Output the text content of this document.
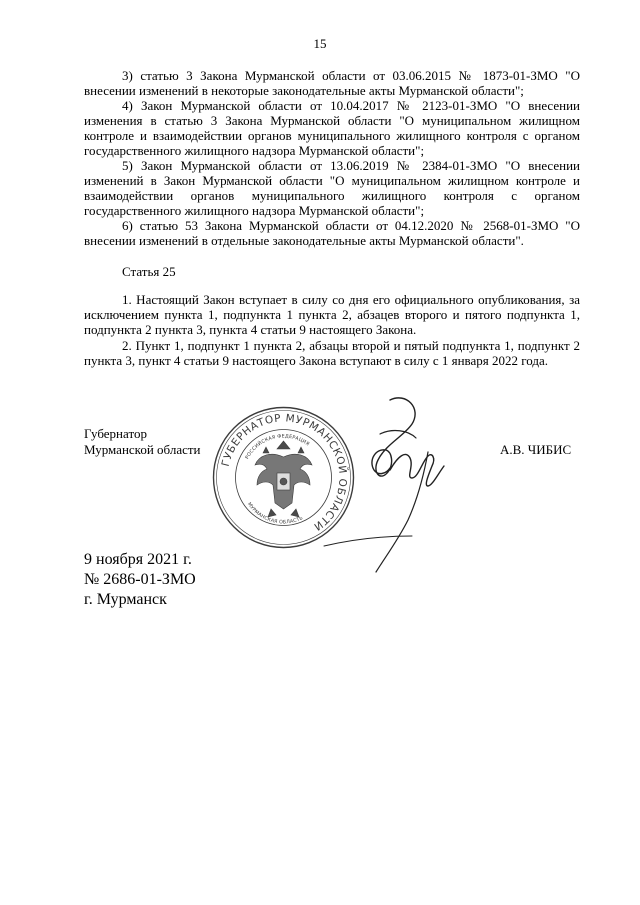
15

3) статью 3 Закона Мурманской области от 03.06.2015 № 1873-01-ЗМО "О внесении изменений в некоторые законодательные акты Мурманской области";

4) Закон Мурманской области от 10.04.2017 № 2123-01-ЗМО "О внесении изменения в статью 3 Закона Мурманской области "О муниципальном жилищном контроле и взаимодействии органов муниципального жилищного контроля с органом государственного жилищного надзора Мурманской области";

5) Закон Мурманской области от 13.06.2019 № 2384-01-ЗМО "О внесении изменений в Закон Мурманской области "О муниципальном жилищном контроле и взаимодействии органов муниципального жилищного контроля с органом государственного жилищного надзора Мурманской области";

6) статью 53 Закона Мурманской области от 04.12.2020 № 2568-01-ЗМО "О внесении изменений в отдельные законодательные акты Мурманской области".

Статья 25

1. Настоящий Закон вступает в силу со дня его официального опубликования, за исключением пункта 1, подпункта 1 пункта 2, абзацев второго и пятого подпункта 1, подпункта 2 пункта 3, пункта 4 статьи 9 настоящего Закона.

2. Пункт 1, подпункт 1 пункта 2, абзацы второй и пятый подпункта 1, подпункт 2 пункта 3, пункт 4 статьи 9 настоящего Закона вступают в силу с 1 января 2022 года.

Губернатор
Мурманской области
ГУБЕРНАТОР МУРМАНСКОЙ ОБЛАСТИ
РОССИЙСКАЯ ФЕДЕРАЦИЯ
МУРМАНСКАЯ ОБЛАСТЬ
А.В. ЧИБИС
9 ноября 2021 г.
№ 2686-01-ЗМО
г. Мурманск
